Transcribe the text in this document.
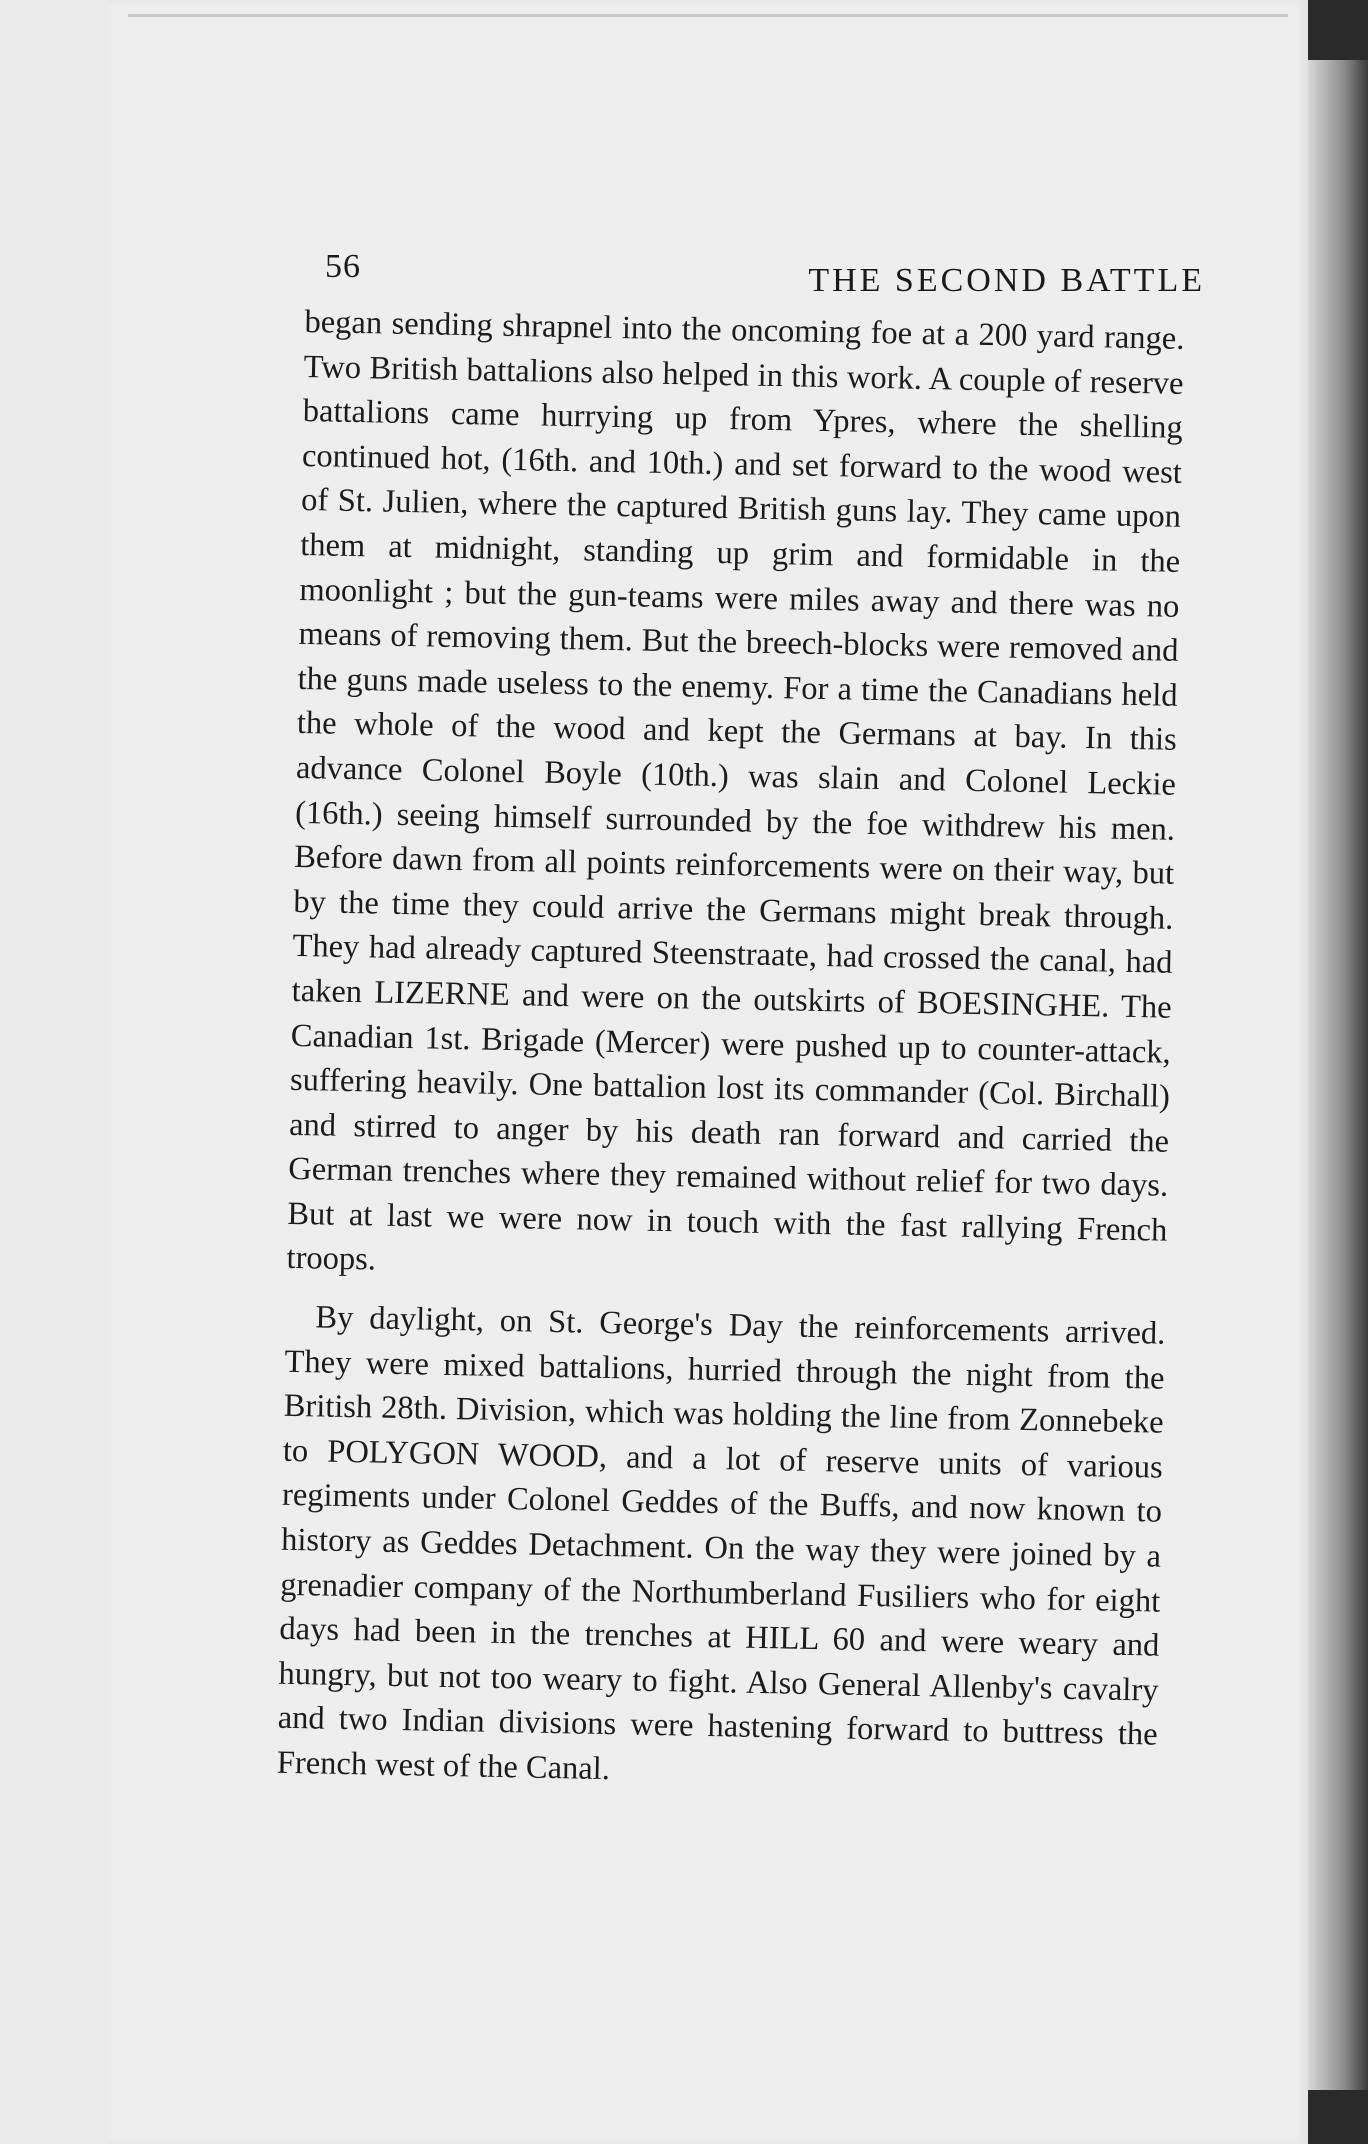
56	THE SECOND BATTLE

began sending shrapnel into the oncoming foe at a 200 yard range. Two British battalions also helped in this work. A couple of reserve battalions came hurrying up from Ypres, where the shelling continued hot, (16th. and 10th.) and set forward to the wood west of St. Julien, where the captured British guns lay. They came upon them at midnight, standing up grim and formidable in the moonlight ; but the gun-teams were miles away and there was no means of removing them. But the breech-blocks were removed and the guns made useless to the enemy. For a time the Canadians held the whole of the wood and kept the Germans at bay. In this advance Colonel Boyle (10th.) was slain and Colonel Leckie (16th.) seeing himself surrounded by the foe withdrew his men. Before dawn from all points reinforcements were on their way, but by the time they could arrive the Germans might break through. They had already captured Steenstraate, had crossed the canal, had taken LIZERNE and were on the outskirts of BOESINGHE. The Canadian 1st. Brigade (Mercer) were pushed up to counter-attack, suffering heavily. One battalion lost its commander (Col. Birchall) and stirred to anger by his death ran forward and carried the German trenches where they remained without relief for two days. But at last we were now in touch with the fast rallying French troops.

By daylight, on St. George's Day the reinforcements arrived. They were mixed battalions, hurried through the night from the British 28th. Division, which was holding the line from Zonnebeke to POLYGON WOOD, and a lot of reserve units of various regiments under Colonel Geddes of the Buffs, and now known to history as Geddes Detachment. On the way they were joined by a grenadier company of the Northumberland Fusiliers who for eight days had been in the trenches at HILL 60 and were weary and hungry, but not too weary to fight. Also General Allenby's cavalry and two Indian divisions were hastening forward to buttress the French west of the Canal.
